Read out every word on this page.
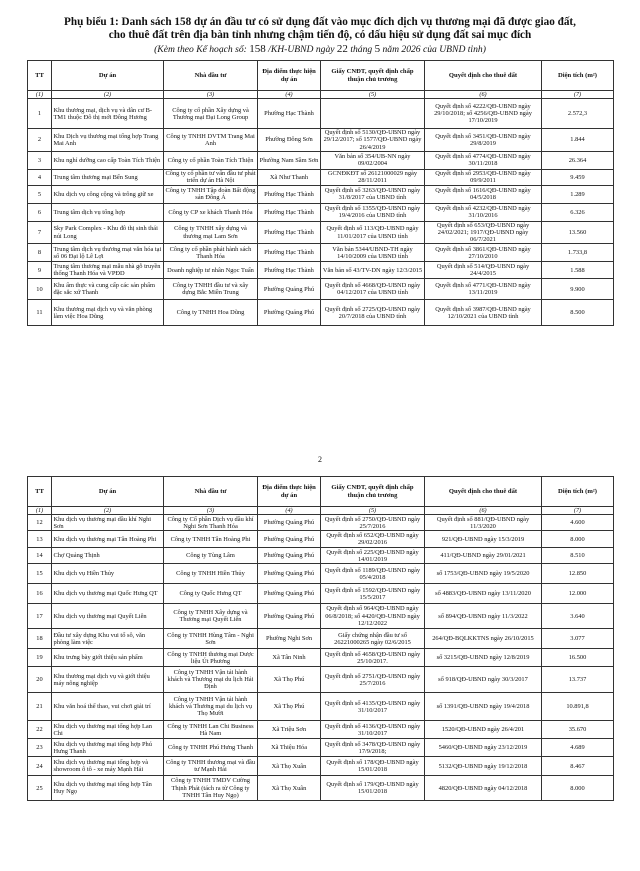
Phụ biểu 1: Danh sách 158 dự án đầu tư có sử dụng đất vào mục đích dịch vụ thương mại đã được giao đất,
cho thuê đất trên địa bàn tỉnh nhưng chậm tiến độ, có dấu hiệu sử dụng đất sai mục đích
(Kèm theo Kế hoạch số: 158 /KH-UBND ngày 22 tháng 5 năm 2026 của UBND tỉnh)
TT	Dự án	Nhà đầu tư	Địa điểm thực hiện dự án	Giấy CNĐT, quyết định chấp thuận chủ trương	Quyết định cho thuê đất	Diện tích (m²)
(1)	(2)	(3)	(4)	(5)	(6)	(7)
1	Khu thương mại, dịch vụ và dân cư B-TM1 thuộc Đô thị mới Đông Hương	Công ty cổ phần Xây dựng và Thương mại Đại Long Group	Phường Hạc Thành		Quyết định số 4222/QĐ-UBND ngày 29/10/2018; số 4256/QĐ-UBND ngày 17/10/2019	2.572,3
2	Khu Dịch vụ thương mại tổng hợp Trang Mai Anh	Công ty TNHH DVTM Trang Mai Anh	Phường Đông Sơn	Quyết định số 5130/QĐ-UBND ngày 29/12/2017; số 1577/QĐ-UBND ngày 26/4/2019	Quyết định số 3451/QĐ-UBND ngày 29/8/2019	1.844
3	Khu nghỉ dưỡng cao cấp Toàn Tích Thiện	Công ty cổ phần Toàn Tích Thiện	Phường Nam Sầm Sơn	Văn bản số 354/UB-NN ngày 09/02/2004	Quyết định số 4774/QĐ-UBND ngày 30/11/2018	26.364
4	Trung tâm thương mại Bến Sung	Công ty cổ phần tư vấn đầu tư phát triển dự án Hà Nội	Xã Như Thanh	GCNĐKĐT số 26121000029 ngày 28/11/2011	Quyết định số 2953/QĐ-UBND ngày 09/9/2011	9.459
5	Khu dịch vụ công cộng và trông giữ xe	Công ty TNHH Tập đoàn Bất động sản Đông Á	Phường Hạc Thành	Quyết định số 3263/QĐ-UBND ngày 31/8/2017 của UBND tỉnh	Quyết định số 1616/QĐ-UBND ngày 04/5/2018	1.289
6	Trung tâm dịch vụ tổng hợp	Công ty CP xe khách Thanh Hóa	Phường Hạc Thành	Quyết định số 1355/QĐ-UBND ngày 19/4/2016 của UBND tỉnh	Quyết định số 4232/QĐ-UBND ngày 31/10/2016	6.326
7	Sky Park Complex - Khu đô thị sinh thái núi Long	Công ty TNHH xây dựng và thương mại Lam Sơn	Phường Hạc Thành	Quyết định số 113/QĐ-UBND ngày 11/01/2017 của UBND tỉnh	Quyết định số 653/QĐ-UBND ngày 24/02/2021; 1917/QĐ-UBND ngày 06/7/2021	13.560
8	Trung tâm dịch vụ thương mại văn hóa tại số 06 Đại lộ Lê Lợi	Công ty cổ phần phát hành sách Thanh Hóa	Phường Hạc Thành	Văn bản 5344/UBND-TH ngày 14/10/2009 của UBND tỉnh	Quyết định số 3861/QĐ-UBND ngày 27/10/2010	1.733,8
9	Trung tâm thương mại mẫu nhà gỗ truyền thống Thanh Hóa và VPĐD	Doanh nghiệp tư nhân Ngọc Tuấn	Phường Hạc Thành	Văn bản số 43/TV-DN ngày 12/3/2015	Quyết định số 514/QĐ-UBND ngày 24/4/2015	1.588
10	Khu ẩm thực và cung cấp các sản phẩm đặc sắc xứ Thanh	Công ty TNHH đầu tư và xây dựng Bắc Miền Trung	Phường Quảng Phú	Quyết định số 4668/QĐ-UBND ngày 04/12/2017 của UBND tỉnh	Quyết định số 4771/QĐ-UBND ngày 13/11/2019	9.900
11	Khu thương mại dịch vụ và văn phòng làm việc Hoa Dũng	Công ty TNHH Hoa Dũng	Phường Quảng Phú	Quyết định số 2725/QĐ-UBND ngày 20/7/2018 của UBND tỉnh	Quyết định số 3987/QĐ-UBND ngày 12/10/2021 của UBND tỉnh	8.500
2
TT	Dự án	Nhà đầu tư	Địa điểm thực hiện dự án	Giấy CNĐT, quyết định chấp thuận chủ trương	Quyết định cho thuê đất	Diện tích (m²)
(1)	(2)	(3)	(4)	(5)	(6)	(7)
12	Khu dịch vụ thương mại dầu khí Nghi Sơn	Công ty Cổ phần Dịch vụ dầu khí Nghi Sơn Thanh Hóa	Phường Quảng Phú	Quyết định số 2750/QĐ-UBND ngày 25/7/2016	Quyết định số 881/QĐ-UBND ngày 11/3/2020	4.600
13	Khu dịch vụ thương mại Tân Hoàng Phi	Công ty TNHH Tân Hoàng Phi	Phường Quảng Phú	Quyết định số 652/QĐ-UBND ngày 29/02/2016	921/QĐ-UBND ngày 15/3/2019	8.000
14	Chợ Quảng Thịnh	Công ty Tùng Lâm	Phường Quảng Phú	Quyết định số 225/QĐ-UBND ngày 14/01/2019	411/QĐ-UBND ngày 29/01/2021	8.510
15	Khu dịch vụ Hiền Thủy	Công ty TNHH Hiền Thủy	Phường Quảng Phú	Quyết định số 1189/QĐ-UBND ngày 05/4/2018	số 1753/QĐ-UBND ngày 19/5/2020	12.850
16	Khu dịch vụ thương mại Quốc Hưng QT	Công ty Quốc Hưng QT	Phường Quảng Phú	Quyết định số 1592/QĐ-UBND ngày 15/5/2017	số 4883/QĐ-UBND ngày 13/11/2020	12.000
17	Khu dịch vụ thương mại Quyết Liên	Công ty TNHH Xây dựng và Thương mại Quyết Liên	Phường Quảng Phú	Quyết định số 964/QĐ-UBND ngày 06/8/2018; số 4420/QĐ-UBND ngày 12/12/2022	số 894/QĐ-UBND ngày 11/3/2022	3.640
18	Đầu tư xây dựng Khu vui tổ sô, văn phòng làm việc	Công ty TNHH Hùng Tâm - Nghi Sơn	Phường Nghi Sơn	Giấy chứng nhận đầu tư số 26221000265 ngày 02/6/2015	264/QĐ-BQLKKTNS ngày 26/10/2015	3.077
19	Khu trưng bày giới thiệu sản phẩm	Công ty TNHH thương mại Dược liệu Út Phương	Xã Tân Ninh	Quyết định số 4658/QĐ-UBND ngày 25/10/2017.	số 3215/QĐ-UBND ngày 12/8/2019	16.500
20	Khu thương mại dịch vụ và giới thiệu máy nông nghiệp	Công ty TNHH Vận tải hành khách và Thương mại du lịch Hải Định	Xã Thọ Phú	Quyết định số 2751/QĐ-UBND ngày 25/7/2016	số 918/QĐ-UBND ngày 30/3/2017	13.737
21	Khu văn hoá thể thao, vui chơi giải trí	Công ty TNHH Vận tải hành khách và Thương mại du lịch vụ Thọ Mười	Xã Thọ Phú	Quyết định số 4135/QĐ-UBND ngày 31/10/2017	số 1391/QĐ-UBND ngày 19/4/2018	10.891,8
22	Khu dịch vụ thương mại tổng hợp Lan Chi	Công ty TNHH Lan Chi Business Hà Nam	Xã Triệu Sơn	Quyết định số 4136/QĐ-UBND ngày 31/10/2017	1520/QĐ-UBND ngày 26/4/201	35.670
23	Khu dịch vụ thương mại tổng hợp Phú Hưng Thanh	Công ty TNHH Phú Hưng Thanh	Xã Thiệu Hóa	Quyết định số 3478/QĐ-UBND ngày 17/9/2018;	5460/QĐ-UBND ngày 23/12/2019	4.689
24	Khu dịch vụ thương mại tổng hợp và showroom ô tô - xe máy Mạnh Hải	Công ty TNHH thương mại và đầu tư Mạnh Hải	Xã Thọ Xuân	Quyết định số 178/QĐ-UBND ngày 15/01/2018	5132/QĐ-UBND ngày 19/12/2018	8.467
25	Khu dịch vụ thương mại tổng hợp Tân Huy Ngọ	Công ty TNHH TMDV Cường Thịnh Phát (tách ra từ Công ty TNHH Tân Huy Ngọ)	Xã Thọ Xuân	Quyết định số 179/QĐ-UBND ngày 15/01/2018	4820/QĐ-UBND ngày 04/12/2018	8.000
